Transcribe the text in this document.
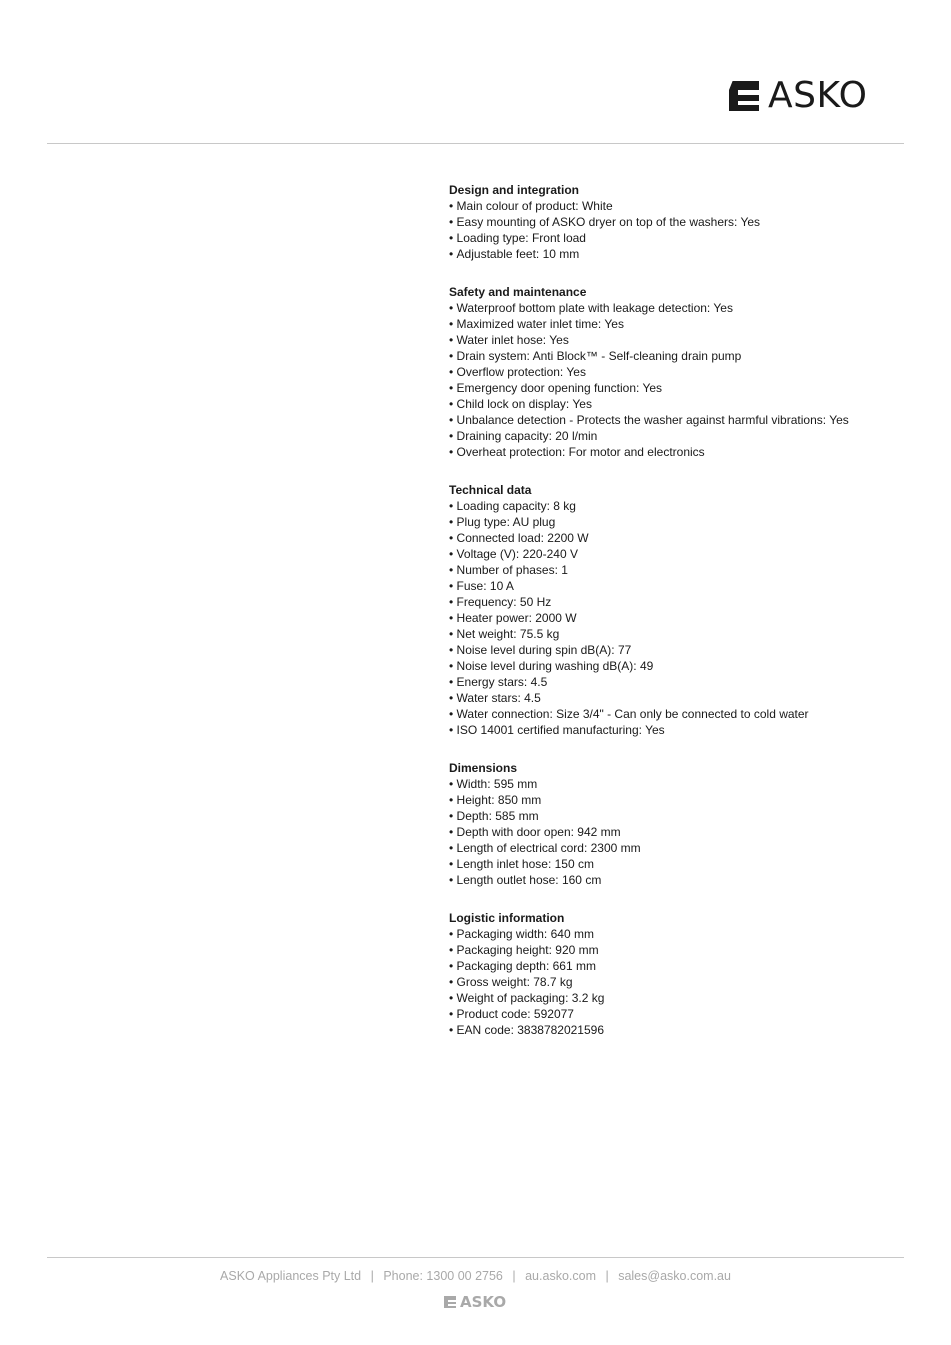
ASKO
Design and integration
• Main colour of product: White
• Easy mounting of ASKO dryer on top of the washers: Yes
• Loading type: Front load
• Adjustable feet: 10 mm
Safety and maintenance
• Waterproof bottom plate with leakage detection: Yes
• Maximized water inlet time: Yes
• Water inlet hose: Yes
• Drain system: Anti Block™ - Self-cleaning drain pump
• Overflow protection: Yes
• Emergency door opening function: Yes
• Child lock on display: Yes
• Unbalance detection - Protects the washer against harmful vibrations: Yes
• Draining capacity: 20 l/min
• Overheat protection: For motor and electronics
Technical data
• Loading capacity: 8 kg
• Plug type: AU plug
• Connected load: 2200 W
• Voltage (V): 220-240 V
• Number of phases: 1
• Fuse: 10 A
• Frequency: 50 Hz
• Heater power: 2000 W
• Net weight: 75.5 kg
• Noise level during spin dB(A): 77
• Noise level during washing dB(A): 49
• Energy stars: 4.5
• Water stars: 4.5
• Water connection: Size 3/4" - Can only be connected to cold water
• ISO 14001 certified manufacturing: Yes
Dimensions
• Width: 595 mm
• Height: 850 mm
• Depth: 585 mm
• Depth with door open: 942 mm
• Length of electrical cord: 2300 mm
• Length inlet hose: 150 cm
• Length outlet hose: 160 cm
Logistic information
• Packaging width: 640 mm
• Packaging height: 920 mm
• Packaging depth: 661 mm
• Gross weight: 78.7 kg
• Weight of packaging: 3.2 kg
• Product code: 592077
• EAN code: 3838782021596
ASKO Appliances Pty Ltd | Phone: 1300 00 2756 | au.asko.com | sales@asko.com.au
ASKO
